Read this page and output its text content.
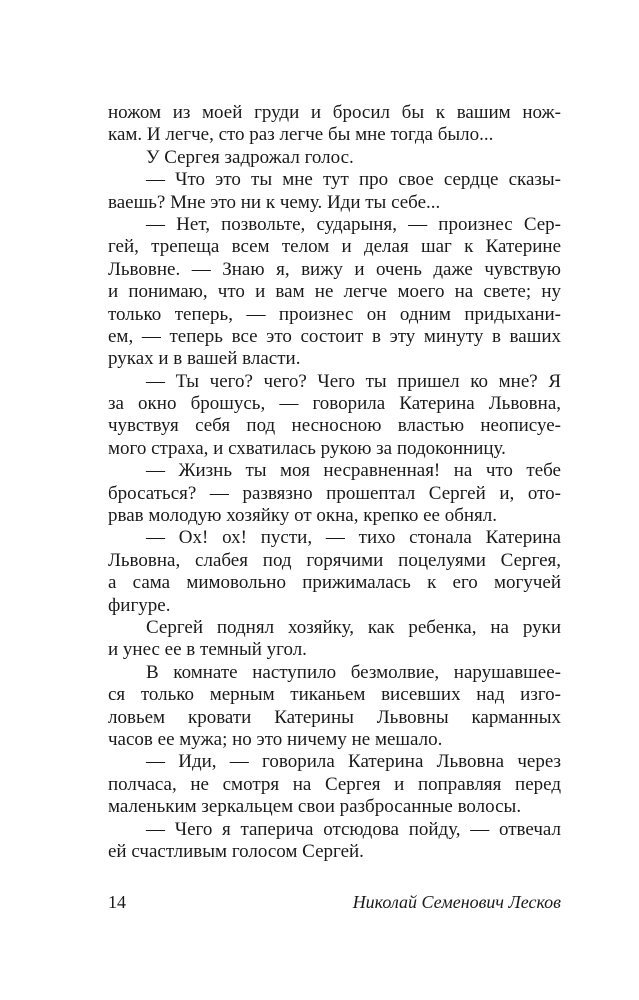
ножом из моей груди и бросил бы к вашим нож-
кам. И легче, сто раз легче бы мне тогда было...
У Сергея задрожал голос.
— Что это ты мне тут про свое сердце сказы-
ваешь? Мне это ни к чему. Иди ты себе...
— Нет, позвольте, сударыня, — произнес Сер-
гей, трепеща всем телом и делая шаг к Катерине
Львовне. — Знаю я, вижу и очень даже чувствую
и понимаю, что и вам не легче моего на свете; ну
только теперь, — произнес он одним придыхани-
ем, — теперь все это состоит в эту минуту в ваших
руках и в вашей власти.
— Ты чего? чего? Чего ты пришел ко мне? Я
за окно брошусь, — говорила Катерина Львовна,
чувствуя себя под несносною властью неописуе-
мого страха, и схватилась рукою за подоконницу.
— Жизнь ты моя несравненная! на что тебе
бросаться? — развязно прошептал Сергей и, ото-
рвав молодую хозяйку от окна, крепко ее обнял.
— Ох! ох! пусти, — тихо стонала Катерина
Львовна, слабея под горячими поцелуями Сергея,
а сама мимовольно прижималась к его могучей
фигуре.
Сергей поднял хозяйку, как ребенка, на руки
и унес ее в темный угол.
В комнате наступило безмолвие, нарушавшее-
ся только мерным тиканьем висевших над изго-
ловьем кровати Катерины Львовны карманных
часов ее мужа; но это ничему не мешало.
— Иди, — говорила Катерина Львовна через
полчаса, не смотря на Сергея и поправляя перед
маленьким зеркальцем свои разбросанные волосы.
— Чего я таперича отсюдова пойду, — отвечал
ей счастливым голосом Сергей.
14	Николай Семенович Лесков
